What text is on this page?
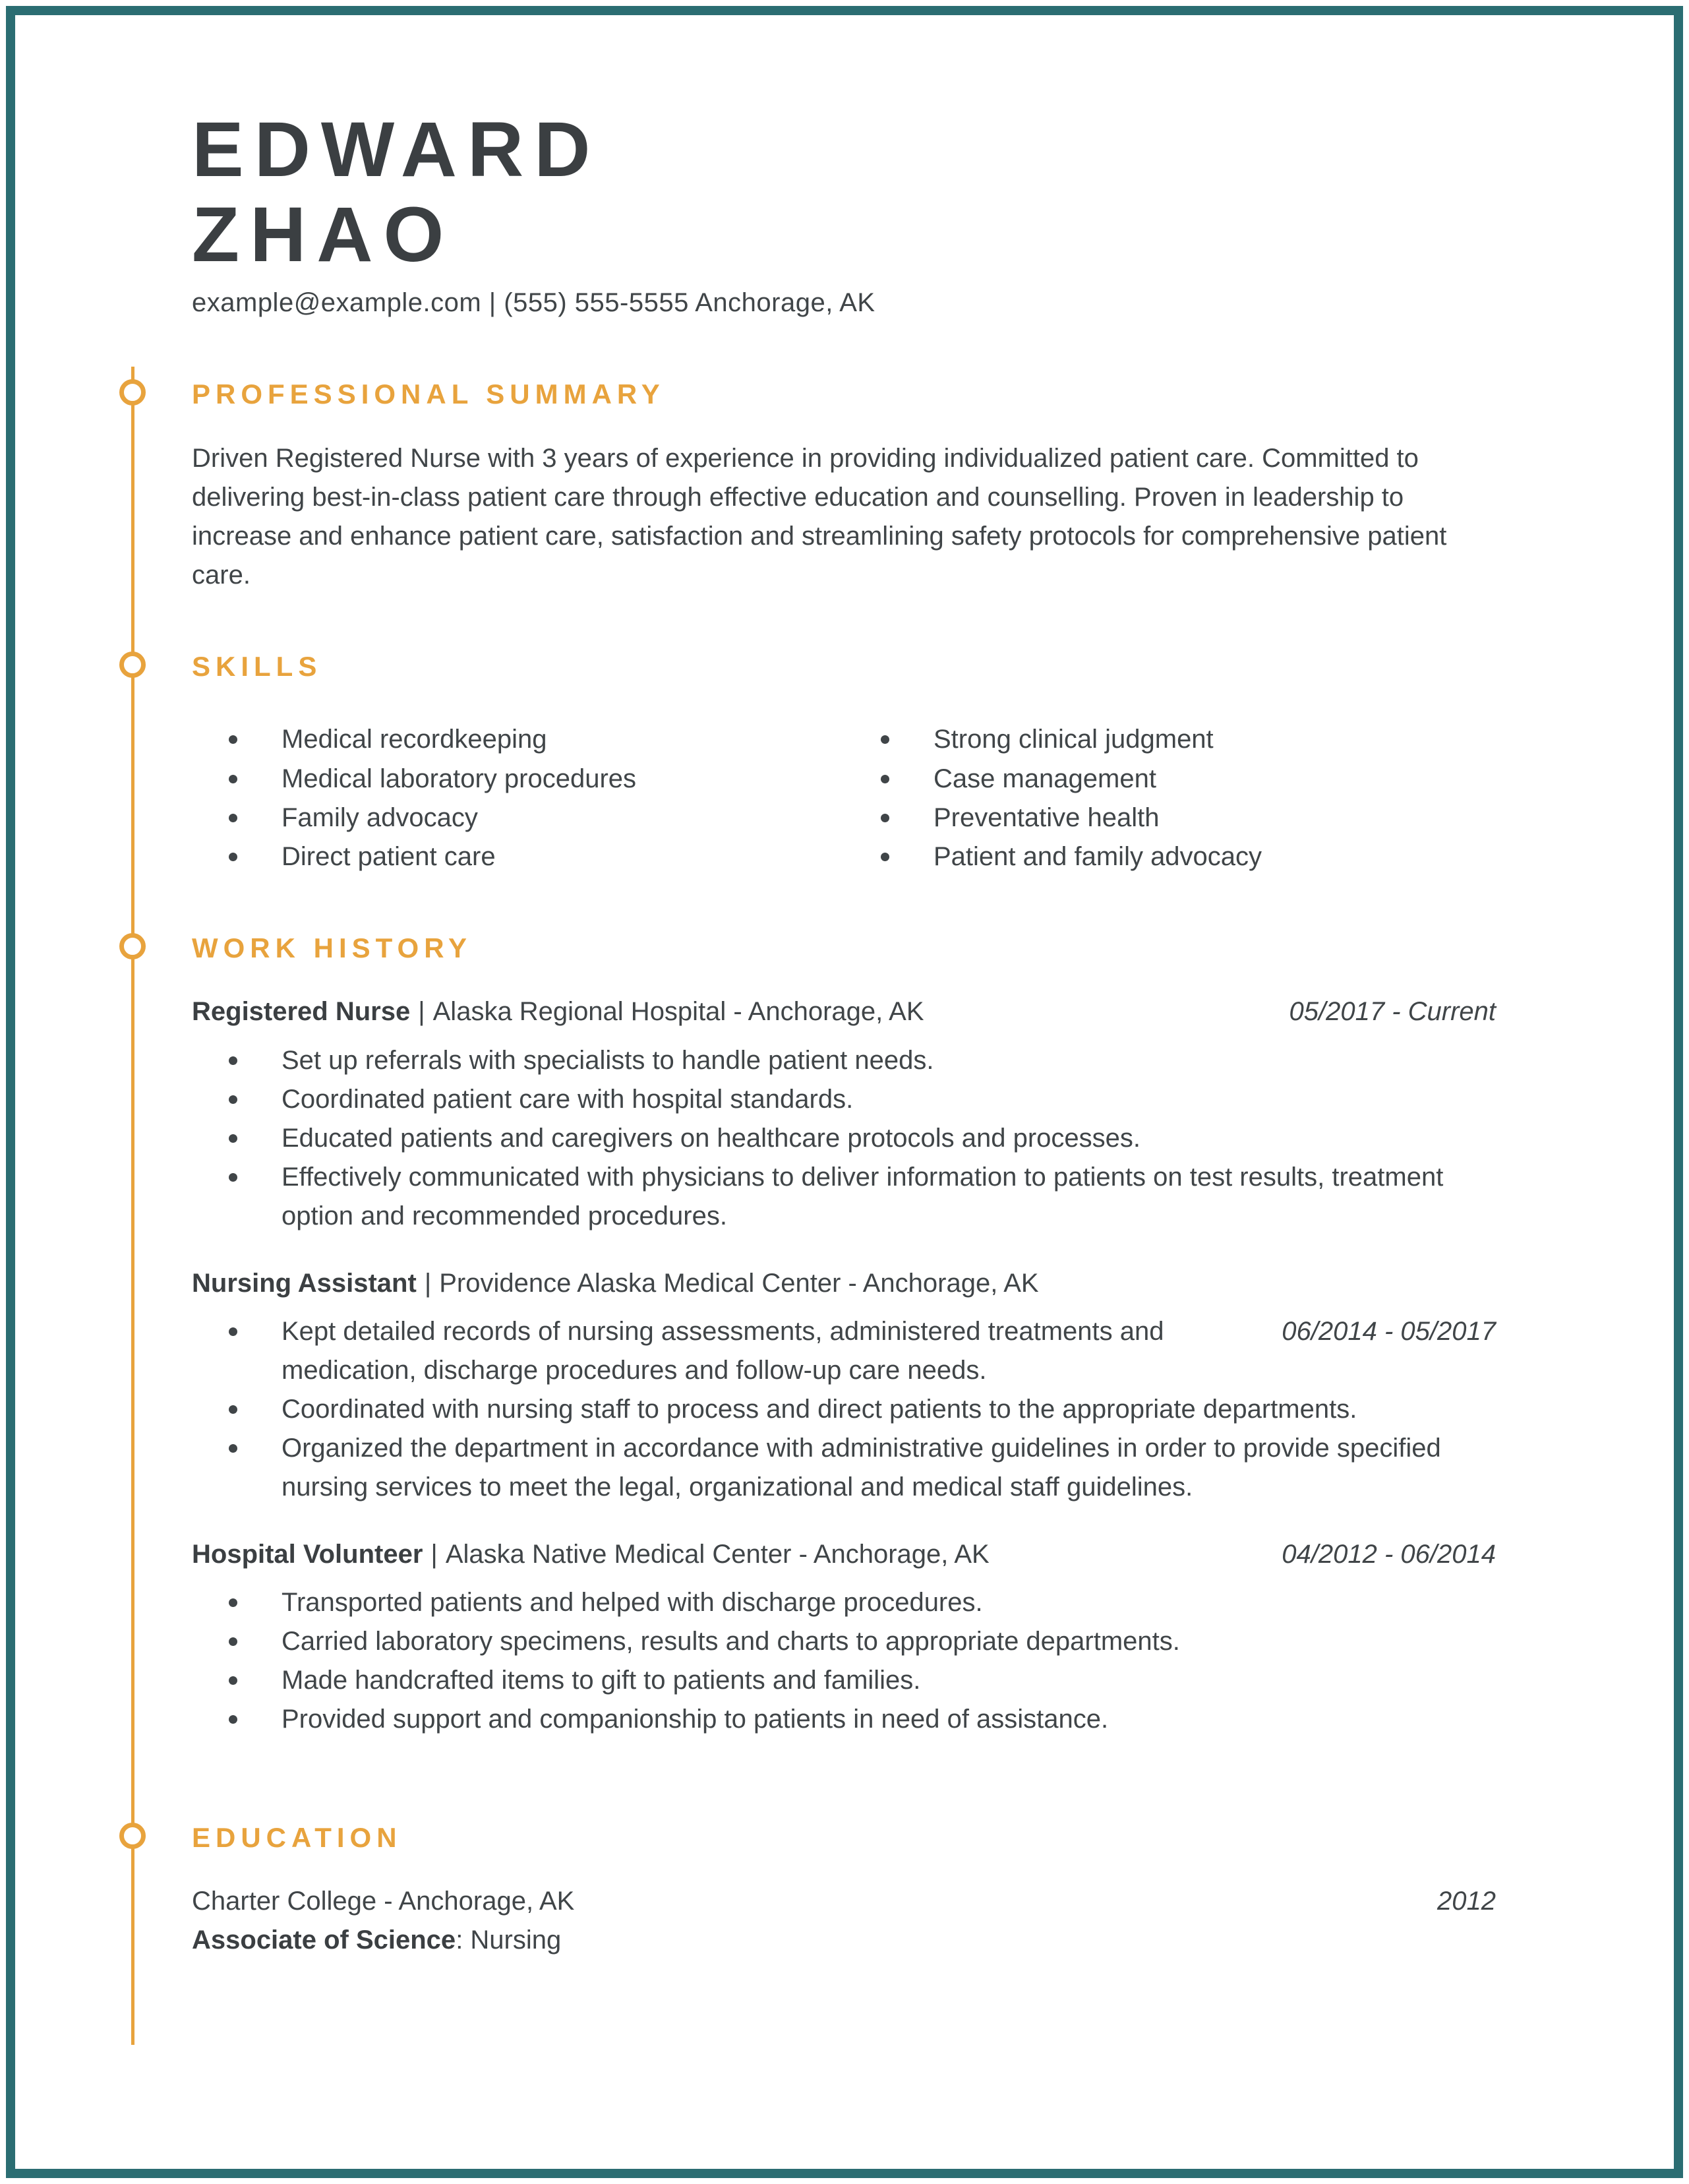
EDWARD
ZHAO
example@example.com | (555) 555-5555 Anchorage, AK
PROFESSIONAL SUMMARY

Driven Registered Nurse with 3 years of experience in providing individualized patient care. Committed to delivering best-in-class patient care through effective education and counselling. Proven in leadership to increase and enhance patient care, satisfaction and streamlining safety protocols for comprehensive patient care.

SKILLS
Medical recordkeeping
Medical laboratory procedures
Family advocacy
Direct patient care
Strong clinical judgment
Case management
Preventative health
Patient and family advocacy
WORK HISTORY
Registered Nurse | Alaska Regional Hospital - Anchorage, AK	05/2017 - Current
Set up referrals with specialists to handle patient needs.
Coordinated patient care with hospital standards.
Educated patients and caregivers on healthcare protocols and processes.
Effectively communicated with physicians to deliver information to patients on test results, treatment option and recommended procedures.
Nursing Assistant | Providence Alaska Medical Center - Anchorage, AK
06/2014 - 05/2017
Kept detailed records of nursing assessments, administered treatments and medication, discharge procedures and follow-up care needs.
Coordinated with nursing staff to process and direct patients to the appropriate departments.
Organized the department in accordance with administrative guidelines in order to provide specified nursing services to meet the legal, organizational and medical staff guidelines.
Hospital Volunteer | Alaska Native Medical Center - Anchorage, AK	04/2012 - 06/2014
Transported patients and helped with discharge procedures.
Carried laboratory specimens, results and charts to appropriate departments.
Made handcrafted items to gift to patients and families.
Provided support and companionship to patients in need of assistance.
EDUCATION
Charter College - Anchorage, AK	2012
Associate of Science: Nursing
